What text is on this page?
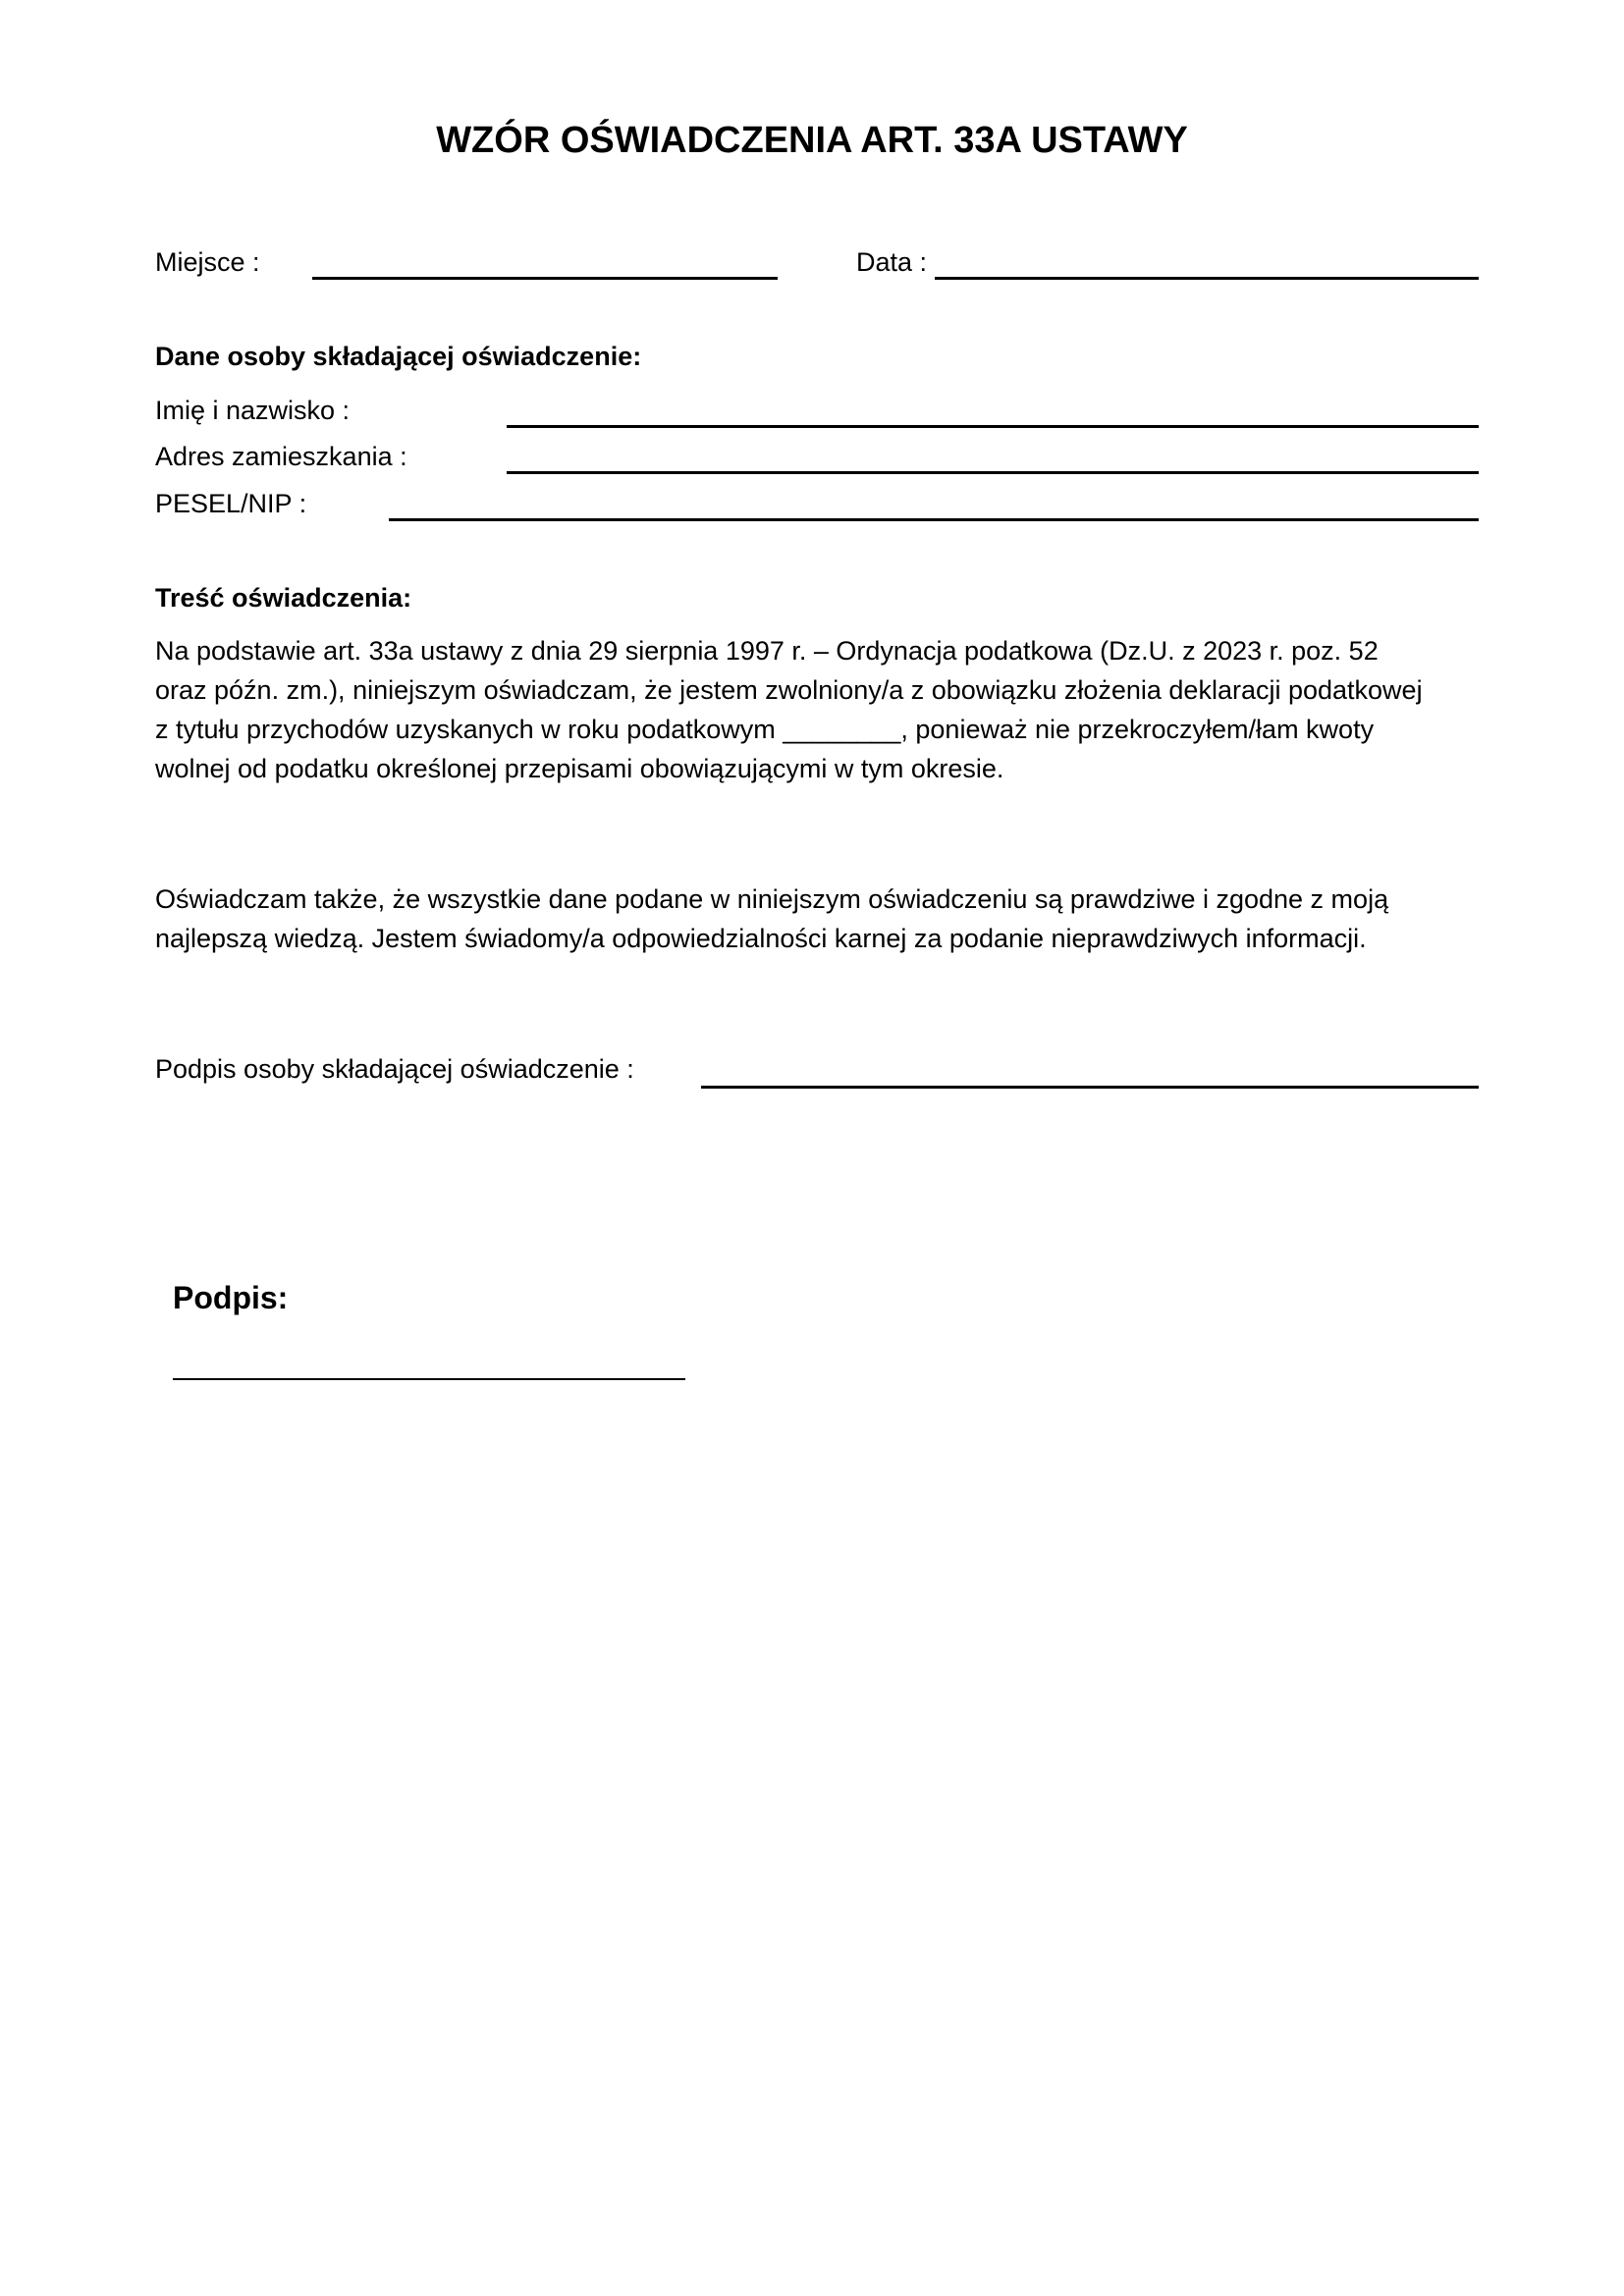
WZÓR OŚWIADCZENIA ART. 33A USTAWY
Miejsce :	Data :
Dane osoby składającej oświadczenie:
Imię i nazwisko :
Adres zamieszkania :
PESEL/NIP :
Treść oświadczenia:
Na podstawie art. 33a ustawy z dnia 29 sierpnia 1997 r. – Ordynacja podatkowa (Dz.U. z 2023 r. poz. 52
oraz późn. zm.), niniejszym oświadczam, że jestem zwolniony/a z obowiązku złożenia deklaracji podatkowej
z tytułu przychodów uzyskanych w roku podatkowym ________, ponieważ nie przekroczyłem/łam kwoty
wolnej od podatku określonej przepisami obowiązującymi w tym okresie.
Oświadczam także, że wszystkie dane podane w niniejszym oświadczeniu są prawdziwe i zgodne z moją
najlepszą wiedzą. Jestem świadomy/a odpowiedzialności karnej za podanie nieprawdziwych informacji.
Podpis osoby składającej oświadczenie :
Podpis:
